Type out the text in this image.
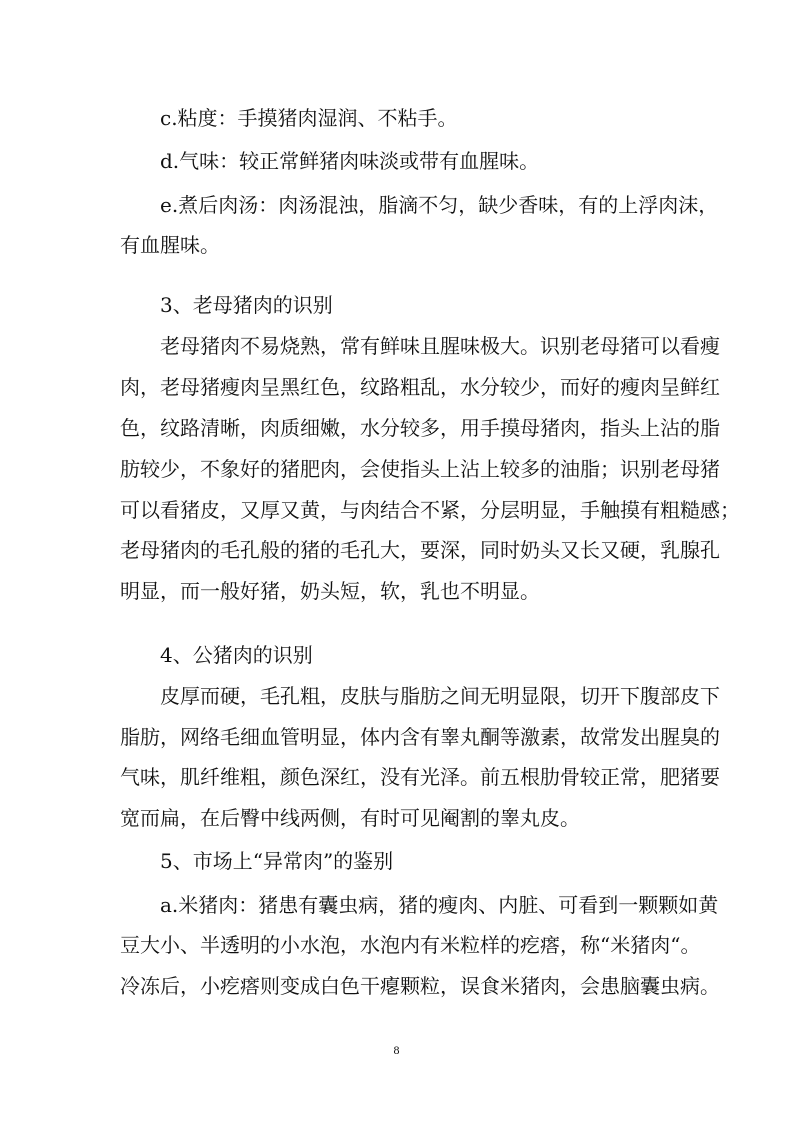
c.粘度：手摸猪肉湿润、不粘手。
d.气味：较正常鲜猪肉味淡或带有血腥味。
e.煮后肉汤：肉汤混浊，脂滴不匀，缺少香味，有的上浮肉沫，
有血腥味。
3、老母猪肉的识别
老母猪肉不易烧熟，常有鲜味且腥味极大。识别老母猪可以看瘦
肉，老母猪瘦肉呈黑红色，纹路粗乱，水分较少，而好的瘦肉呈鲜红
色，纹路清晰，肉质细嫩，水分较多，用手摸母猪肉，指头上沾的脂
肪较少，不象好的猪肥肉，会使指头上沾上较多的油脂；识别老母猪
可以看猪皮，又厚又黄，与肉结合不紧，分层明显，手触摸有粗糙感；
老母猪肉的毛孔般的猪的毛孔大，要深，同时奶头又长又硬，乳腺孔
明显，而一般好猪，奶头短，软，乳也不明显。
4、公猪肉的识别
皮厚而硬，毛孔粗，皮肤与脂肪之间无明显限，切开下腹部皮下
脂肪，网络毛细血管明显，体内含有睾丸酮等激素，故常发出腥臭的
气味，肌纤维粗，颜色深红，没有光泽。前五根肋骨较正常，肥猪要
宽而扁，在后臀中线两侧，有时可见阉割的睾丸皮。
5、市场上“异常肉”的鉴别
a.米猪肉：猪患有囊虫病，猪的瘦肉、内脏、可看到一颗颗如黄
豆大小、半透明的小水泡，水泡内有米粒样的疙瘩，称“米猪肉“。
冷冻后，小疙瘩则变成白色干瘪颗粒，误食米猪肉，会患脑囊虫病。
8
